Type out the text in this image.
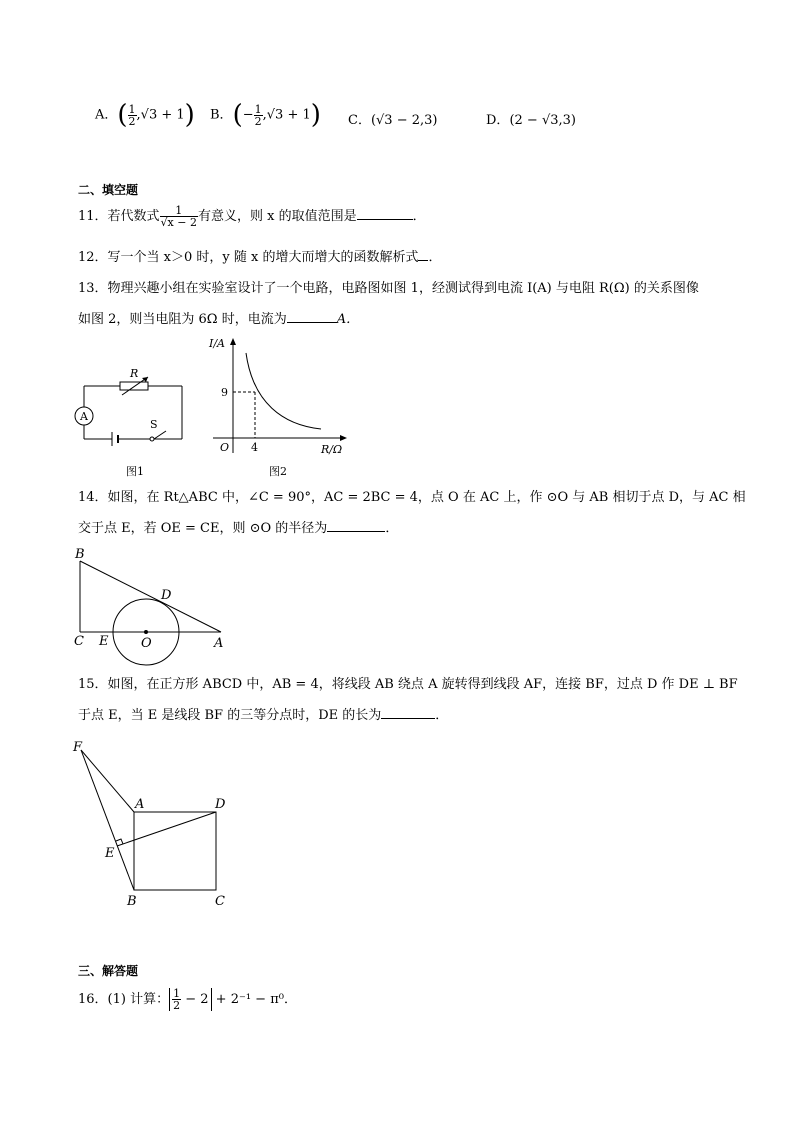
A．( $\frac{1}{2} ,√3 + 1$) B．(− $\frac{1}{2} ,√3 + 1$) C．(√3 − 2,3)	D．(2 − √3,3)
二、填空题
11．若代数式 $\frac{1}{√x - 2}$ 有意义，则 x 的取值范围是	．
12．写一个当 x＞0 时，y 随 x 的增大而增大的函数解析式 ．
13．物理兴趣小组在实验室设计了一个电路，电路图如图 1，经测试得到电流 I(A) 与电阻 R(Ω) 的关系图像
如图 2，则当电阻为 6Ω 时，电流为	A．
R
A
S
图1
I/A
9
O 4	R/Ω
图2
14．如图，在 Rt△ABC 中，∠C = 90°，AC = 2BC = 4，点 O 在 AC 上，作 ⊙O 与 AB 相切于点 D，与 AC 相
交于点 E，若 OE = CE，则 ⊙O 的半径为	．
B
C
D
E	O	A
15．如图，在正方形 ABCD 中，AB = 4，将线段 AB 绕点 A 旋转得到线段 AF，连接 BF，过点 D 作 DE ⊥ BF
于点 E，当 E 是线段 BF 的三等分点时，DE 的长为	．
F
A	D
E
B	C
三、解答题
16．(1) 计算： $\frac{1}{2} - 2 + 2^{-1} - \pi^0$．
